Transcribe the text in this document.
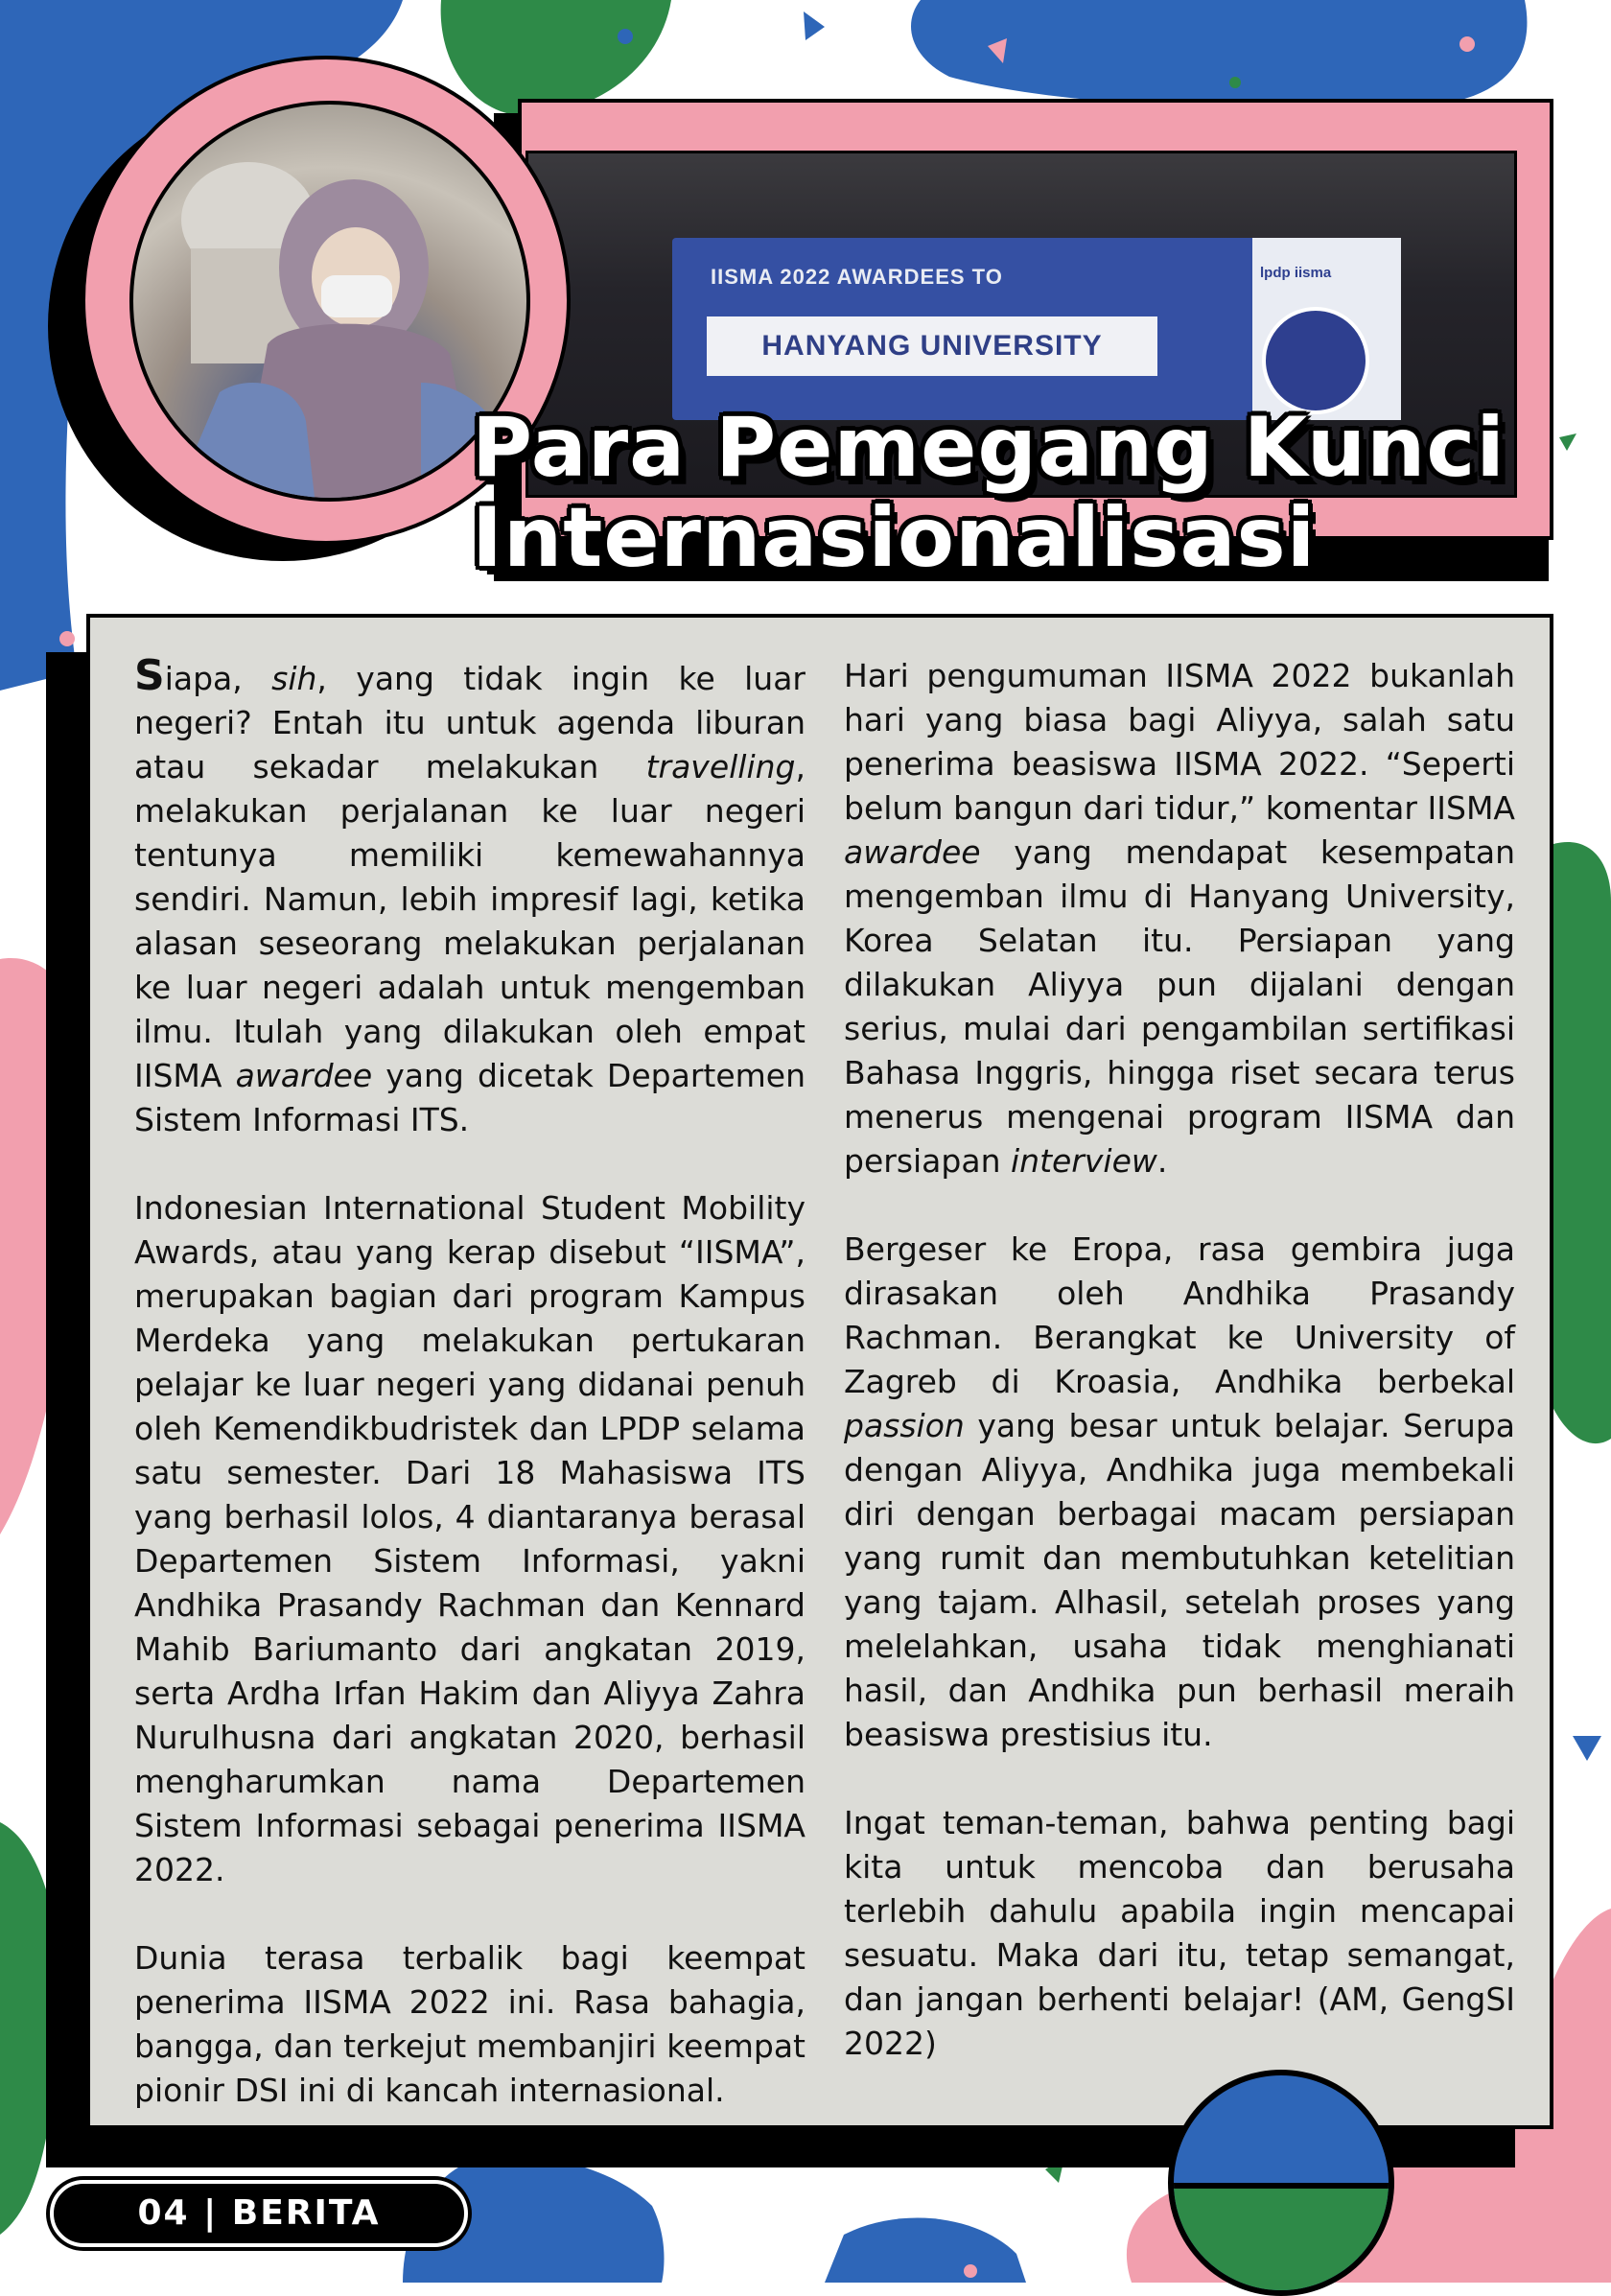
IISMA 2022 AWARDEES TO
HANYANG UNIVERSITY
lpdp iisma
Para Pemegang Kunci
Internasionalisasi

Siapa, sih, yang tidak ingin ke luar negeri? Entah itu untuk agenda liburan atau sekadar melakukan travelling, melakukan perjalanan ke luar negeri tentunya memiliki kemewahannya sendiri. Namun, lebih impresif lagi, ketika alasan seseorang melakukan perjalanan ke luar negeri adalah untuk mengemban ilmu. Itulah yang dilakukan oleh empat IISMA awardee yang dicetak Departemen Sistem Informasi ITS.

Indonesian International Student Mobility Awards, atau yang kerap disebut “IISMA”, merupakan bagian dari program Kampus Merdeka yang melakukan pertukaran pelajar ke luar negeri yang didanai penuh oleh Kemendikbudristek dan LPDP selama satu semester. Dari 18 Mahasiswa ITS yang berhasil lolos, 4 diantaranya berasal Departemen Sistem Informasi, yakni Andhika Prasandy Rachman dan Kennard Mahib Bariumanto dari angkatan 2019, serta Ardha Irfan Hakim dan Aliyya Zahra Nurulhusna dari angkatan 2020, berhasil mengharumkan nama Departemen Sistem Informasi sebagai penerima IISMA 2022.

Dunia terasa terbalik bagi keempat penerima IISMA 2022 ini. Rasa bahagia, bangga, dan terkejut membanjiri keempat pionir DSI ini di kancah internasional.

Hari pengumuman IISMA 2022 bukanlah hari yang biasa bagi Aliyya, salah satu penerima beasiswa IISMA 2022. “Seperti belum bangun dari tidur,” komentar IISMA awardee yang mendapat kesempatan mengemban ilmu di Hanyang University, Korea Selatan itu. Persiapan yang dilakukan Aliyya pun dijalani dengan serius, mulai dari pengambilan sertifikasi Bahasa Inggris, hingga riset secara terus menerus mengenai program IISMA dan persiapan interview.

Bergeser ke Eropa, rasa gembira juga dirasakan oleh Andhika Prasandy Rachman. Berangkat ke University of Zagreb di Kroasia, Andhika berbekal passion yang besar untuk belajar. Serupa dengan Aliyya, Andhika juga membekali diri dengan berbagai macam persiapan yang rumit dan membutuhkan ketelitian yang tajam. Alhasil, setelah proses yang melelahkan, usaha tidak menghianati hasil, dan Andhika pun berhasil meraih beasiswa prestisius itu.

Ingat teman-teman, bahwa penting bagi kita untuk mencoba dan berusaha terlebih dahulu apabila ingin mencapai sesuatu. Maka dari itu, tetap semangat, dan jangan berhenti belajar! (AM, GengSI 2022)

04 | BERITA
